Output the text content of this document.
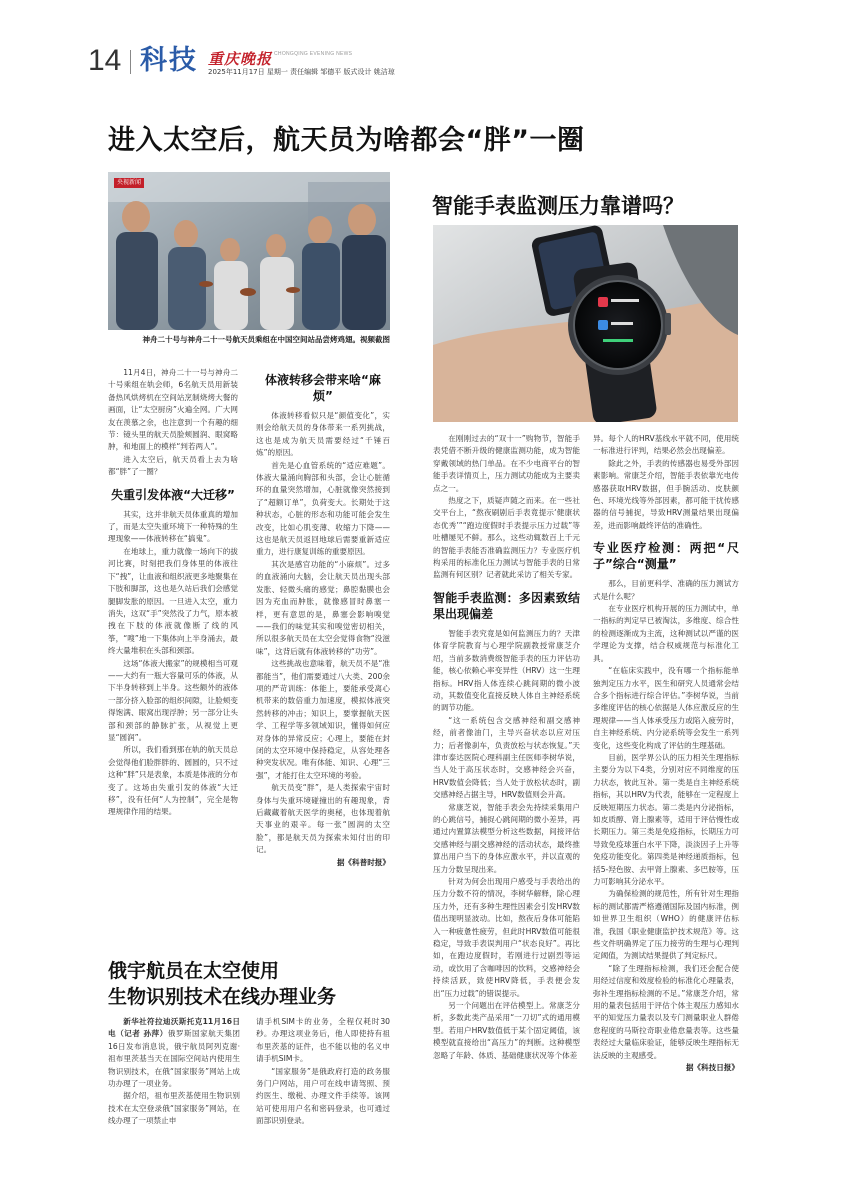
14 科技 重庆晚报 CHONGQING EVENING NEWS
2025年11月17日 星期一 责任编辑 邹德平 版式设计 姚洁琼
进入太空后，航天员为啥都会“胖”一圈
央视新闻
神舟二十号与神舟二十一号航天员乘组在中国空间站品尝烤鸡翅。视频截图

11月4日，神舟二十一号与神舟二十号乘组在轨会师，6名航天员用新装备热风烘烤机在空间站烹制烧烤大餐的画面，让“太空厨房”火遍全网。广大网友在羡慕之余，也注意到一个有趣的细节：镜头里的航天员脸颊圆润、眼窝略肿，和地面上的模样“判若两人”。

进入太空后，航天员看上去为啥都“胖”了一圈？

失重引发体液“大迁移”

其实，这并非航天员体重真的增加了，而是太空失重环境下一种特殊的生理现象——体液转移在“搞鬼”。

在地球上，重力就像一场向下的拔河比赛，时刻把我们身体里的体液往下“拽”，让血液和组织液更多地聚集在下肢和脚部，这也是久站后我们会感觉腿脚发胀的原因。一旦进入太空，重力消失，这双“手”突然没了力气，原本被拽在下肢的体液就像断了线的风筝，“嗖”地一下集体向上半身涌去，最终大量堆积在头部和颈部。

这场“体液大搬家”的规模相当可观——大约有一瓶大容量可乐的体液，从下半身转移到上半身。这些额外的液体一部分挤入脸部的组织间隙，让脸颊变得饱满、眼窝出现浮肿；另一部分让头部和颈部的静脉扩张，从视觉上更显“圆润”。

所以，我们看到那在轨的航天员总会觉得他们脸胖胖的、圆圆的，只不过这种“胖”只是表象，本质是体液的分布变了。这场由失重引发的体液“大迁移”，没有任何“人为控制”，完全是物理规律作用的结果。

体液转移会带来啥“麻烦”

体液转移看似只是“颜值变化”，实则会给航天员的身体带来一系列挑战，这也是成为航天员需要经过“千锤百炼”的原因。

首先是心血管系统的“适应难题”。体液大量涌向胸部和头部，会让心脏循环的血量突然增加，心脏就像突然接到了“超额订单”，负荷变大。长期处于这种状态，心脏的形态和功能可能会发生改变，比如心肌变薄、收缩力下降——这也是航天员返回地球后需要重新适应重力，进行康复训练的重要原因。

其次是感官功能的“小麻烦”。过多的血液涌向大脑，会让航天员出现头部发胀、轻微头痛的感觉；鼻腔黏膜也会因为充血而肿胀，就像感冒时鼻塞一样，更有意思的是，鼻塞会影响嗅觉——我们的味觉其实和嗅觉密切相关，所以很多航天员在太空会觉得食物“没滋味”，这背后就有体液转移的“功劳”。

这些挑战也意味着，航天员不是“准都能当”，他们需要通过八大类、200余项的严苛训练：体能上，要能承受离心机带来的数倍重力加速度，模拟体液突然转移的冲击；知识上，要掌握航天医学、工程学等多领域知识，懂得如何应对身体的异常反应；心理上，要能在封闭的太空环境中保持稳定，从容处理各种突发状况。唯有体能、知识、心理“三强”，才能打住太空环境的考验。

航天员变“胖”，是人类探索宇宙时身体与失重环境碰撞出的有趣现象，背后藏藏着航天医学的奥秘，也体现着航天事业的艰辛。每一张“圆润的太空脸”，都是航天员为探索未知付出的印记。

据《科普时报》

智能手表监测压力靠谱吗？

在刚刚过去的“双十一”购物节，智能手表凭借不断升级的健康监测功能，成为智能穿戴领域的热门单品。在不少电商平台的智能手表详情页上，压力测试功能成为主要卖点之一。

热度之下，质疑声随之而来。在一些社交平台上，“熬夜刷剧后手表竟提示‘健康状态优秀’”“跑边度假时手表提示压力过载”等吐槽屡见不鲜。那么，这些动辄数百上千元的智能手表能否准确监测压力？专业医疗机构采用的标准化压力测试与智能手表的日常监测有何区别？记者就此采访了相关专家。

智能手表监测：多因素致结果出现偏差

智能手表究竟是如何监测压力的？天津体育学院教育与心理学院副教授常康芝介绍，当前多数消费级智能手表的压力评估功能，核心依赖心率变异性（HRV）这一生理指标。HRV指人体连续心跳间期的微小波动，其数值变化直接反映人体自主神经系统的调节功能。

“这一系统包含交感神经和副交感神经，前者像油门，主导兴奋状态以应对压力；后者像刹车，负责放松与状态恢复。”天津市泰达医院心理科副主任医师李树华说，当人处于高压状态时，交感神经会兴奋，HRV数值会降低；当人处于放松状态时，副交感神经占据主导，HRV数值则会升高。

常康芝说，智能手表会先持续采集用户的心跳信号，捕捉心跳间期的微小差异，再通过内置算法模型分析这些数据，间接评估交感神经与副交感神经的活动状态，最终推算出用户当下的身体应激水平，并以直观的压力分数呈现出来。

针对为何会出现用户感受与手表给出的压力分数不符的情况，李树华解释，除心理压力外，还有多种生理性因素会引发HRV数值出现明显波动。比如，熬夜后身体可能陷入一种疲惫性疲劳，但此时HRV数值可能很稳定，导致手表误判用户“状态良好”。再比如，在跑边度假时，若刚进行过剧烈等运动，或饮用了含咖啡因的饮料，交感神经会持续活跃，致使HRV降低，手表便会发出“压力过载”的错误提示。

另一个问题出在评估模型上。常康芝分析，多数此类产品采用“一刀切”式的通用模型。若用户HRV数值低于某个固定阈值，该模型就直接给出“高压力”的判断。这种模型忽略了年龄、体质、基础健康状况等个体差

异。每个人的HRV基线水平就不同，使用统一标准进行评判，结果必然会出现偏差。

除此之外，手表的传感器也易受外部因素影响。常康芝介绍，智能手表依靠光电传感器获取HRV数据，但手腕活动、皮肤颜色、环境光线等外部因素，都可能干扰传感器的信号捕捉，导致HRV测量结果出现偏差，进而影响最终评估的准确性。

专业医疗检测：两把“尺子”综合“测量”

那么，目前更科学、准确的压力测试方式是什么呢？

在专业医疗机构开展的压力测试中，单一指标的判定早已被淘汰，多维度、综合性的检测逐渐成为主流，这种测试以严谨的医学理论为支撑，结合权威规范与标准化工具。

“在临床实践中，没有哪一个指标能单独判定压力水平，医生和研究人员通常会结合多个指标进行综合评估。”李树华说，当前多维度评估的核心依据是人体应激反应的生理规律——当人体承受压力或陷入疲劳时，自主神经系统、内分泌系统等会发生一系列变化，这些变化构成了评估的生理基础。

目前，医学界公认的压力相关生理指标主要分为以下4类，分别对应不同维度的压力状态，彼此互补。第一类是自主神经系统指标，其以HRV为代表，能够在一定程度上反映短期压力状态。第二类是内分泌指标，如皮质醇、肾上腺素等，适用于评估慢性或长期压力。第三类是免疫指标，长期压力可导致免疫球蛋白水平下降，淡淡因子上升等免疫功能变化。第四类是神经递质指标，包括5-羟色胺、去甲肾上腺素、多巴胺等，压力可影响其分泌水平。

为确保检测的规范性，所有针对生理指标的测试都需严格遵循国际及国内标准，例如世界卫生组织（WHO）的健康评估标准，我国《职业健康监护技术规范》等。这些文件明确界定了压力接劳的生理与心理判定阈值，为测试结果提供了判定标尺。

“除了生理指标检测，我们还会配合使用经过信度和效度检验的标准化心理量表，弥补生理指标检测的不足。”常康芝介绍，常用的量表包括用于评估个体主观压力感知水平的知觉压力量表以及专门测量职业人群倦怠程度的马斯拉奇职业倦怠量表等。这些量表经过大量临床验证，能够反映生理指标无法反映的主观感受。

据《科技日报》

俄宇航员在太空使用
生物识别技术在线办理业务

新华社符拉迪沃斯托克11月16日电（记者 孙萍）俄罗斯国家航天集团16日发布消息说，俄宇航员阿列克谢·祖布里茨基当天在国际空间站内使用生物识别技术，在俄“国家服务”网站上成功办理了一项业务。

据介绍，祖布里茨基使用生物识别技术在太空登录俄“国家服务”网站，在线办理了一项禁止申

请手机SIM卡的业务，全程仅耗时30秒。办理这项业务后，他人即使持有祖布里茨基的证件，也不能以他的名义申请手机SIM卡。

“国家服务”是俄政府打造的政务服务门户网站，用户可在线申请驾照、预约医生、缴税、办理文件手续等。该网站可使用用户名和密码登录，也可通过面部识别登录。
